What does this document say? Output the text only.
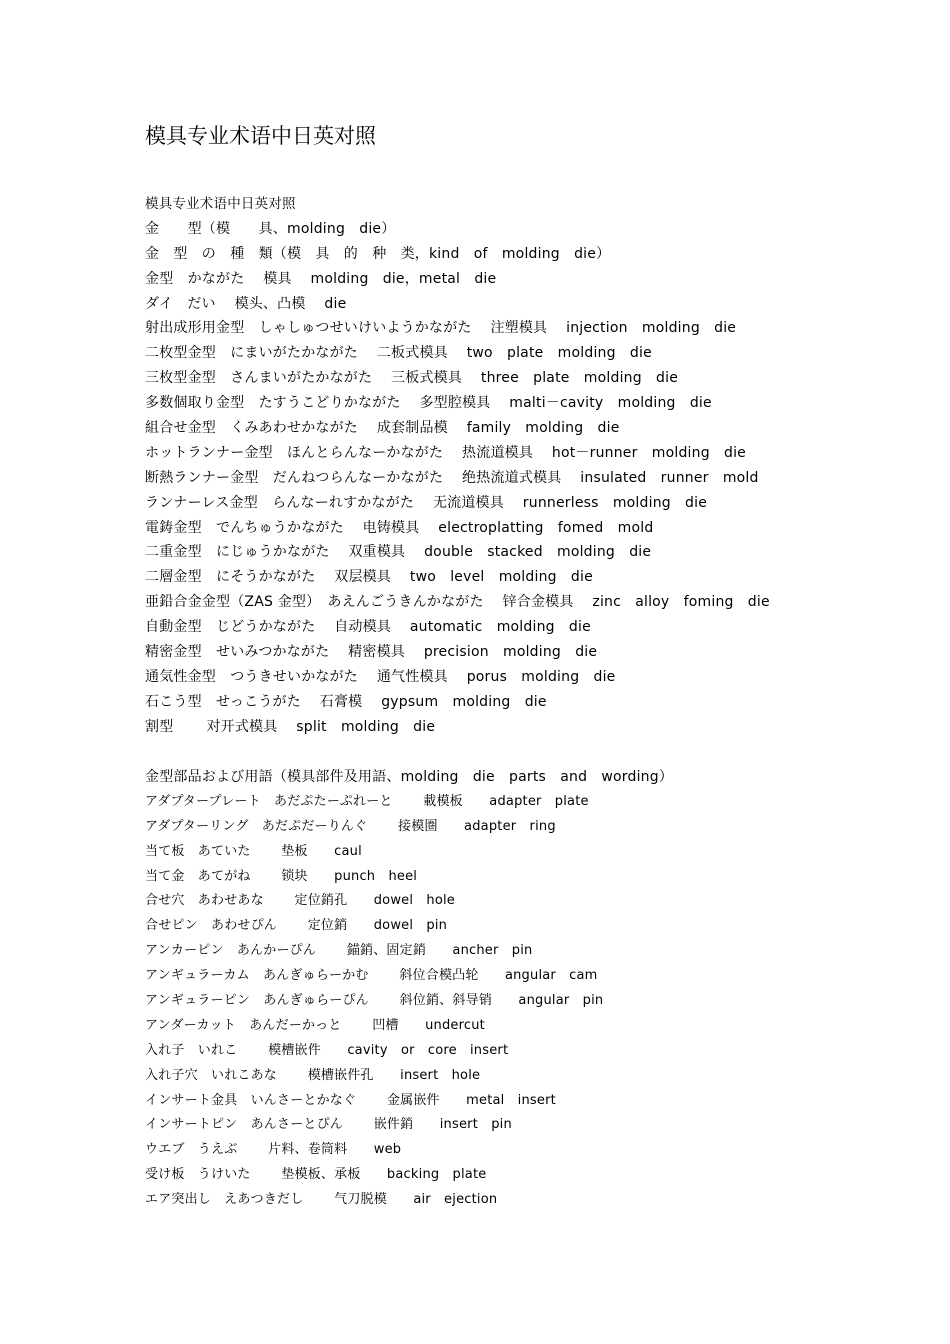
模具专业术语中日英对照
模具专业术语中日英对照
金　　型（模　　具、molding　die）
金　型　の　種　類（模　具　的　种　类，kind　of　molding　die）
金型　かながた　 模具　 molding　die，metal　die
ダイ　だい　 模头、凸模　 die
射出成形用金型　しゃしゅつせいけいようかながた　 注塑模具　 injection　molding　die
二枚型金型　にまいがたかながた　 二板式模具　 two　plate　molding　die
三枚型金型　さんまいがたかながた　 三板式模具　 three　plate　molding　die
多数個取り金型　たすうこどりかながた　 多型腔模具　 malti－cavity　molding　die
組合せ金型　くみあわせかながた　 成套制品模　 family　molding　die
ホットランナー金型　ほんとらんなーかながた　 热流道模具　 hot－runner　molding　die
断熱ランナー金型　だんねつらんなーかながた　 绝热流道式模具　 insulated　runner　mold
ランナーレス金型　らんなーれすかながた　 无流道模具　 runnerless　molding　die
電鋳金型　でんちゅうかながた　 电铸模具　 electroplatting　fomed　mold
二重金型　にじゅうかながた　 双重模具　 double　stacked　molding　die
二層金型　にそうかながた　 双层模具　 two　level　molding　die
亜鉛合金金型（ZAS 金型）　あえんごうきんかながた　 锌合金模具　 zinc　alloy　foming　die
自動金型　じどうかながた　 自动模具　 automatic　molding　die
精密金型　せいみつかながた　 精密模具　 precision　molding　die
通気性金型　つうきせいかながた　 通气性模具　 porus　molding　die
石こう型　せっこうがた　 石膏模　 gypsum　molding　die
割型　　 对开式模具　 split　molding　die
金型部品および用語（模具部件及用語、molding　die　parts　and　wording）
アダプタープレート　あだぷたーぷれーと　　 載模板　　adapter　plate
アダプターリング　あだぷだーりんぐ　　 接模圏　　adapter　ring
当て板　あていた　　 垫板　　caul
当て金　あてがね　　 锁块　　punch　heel
合せ穴　あわせあな　　 定位銷孔　　dowel　hole
合せピン　あわせぴん　　 定位銷　　dowel　pin
アンカーピン　あんかーぴん　　 錨銷、固定銷　　ancher　pin
アンギュラーカム　あんぎゅらーかむ　　 斜位合模凸轮　　angular　cam
アンギュラーピン　あんぎゅらーぴん　　 斜位銷、斜导销　　angular　pin
アンダーカット　あんだーかっと　　 凹槽　　undercut
入れ子　いれこ　　 模槽嵌件　　cavity　or　core　insert
入れ子穴　いれこあな　　 模槽嵌件孔　　insert　hole
インサート金具　いんさーとかなぐ　　 金属嵌件　　metal　insert
インサートピン　あんさーとぴん　　 嵌件銷　　insert　pin
ウエブ　うえぶ　　 片料、卷筒料　　web
受け板　うけいた　　 垫模板、承板　　backing　plate
エア突出し　えあつきだし　　 气刀脱模　　air　ejection
